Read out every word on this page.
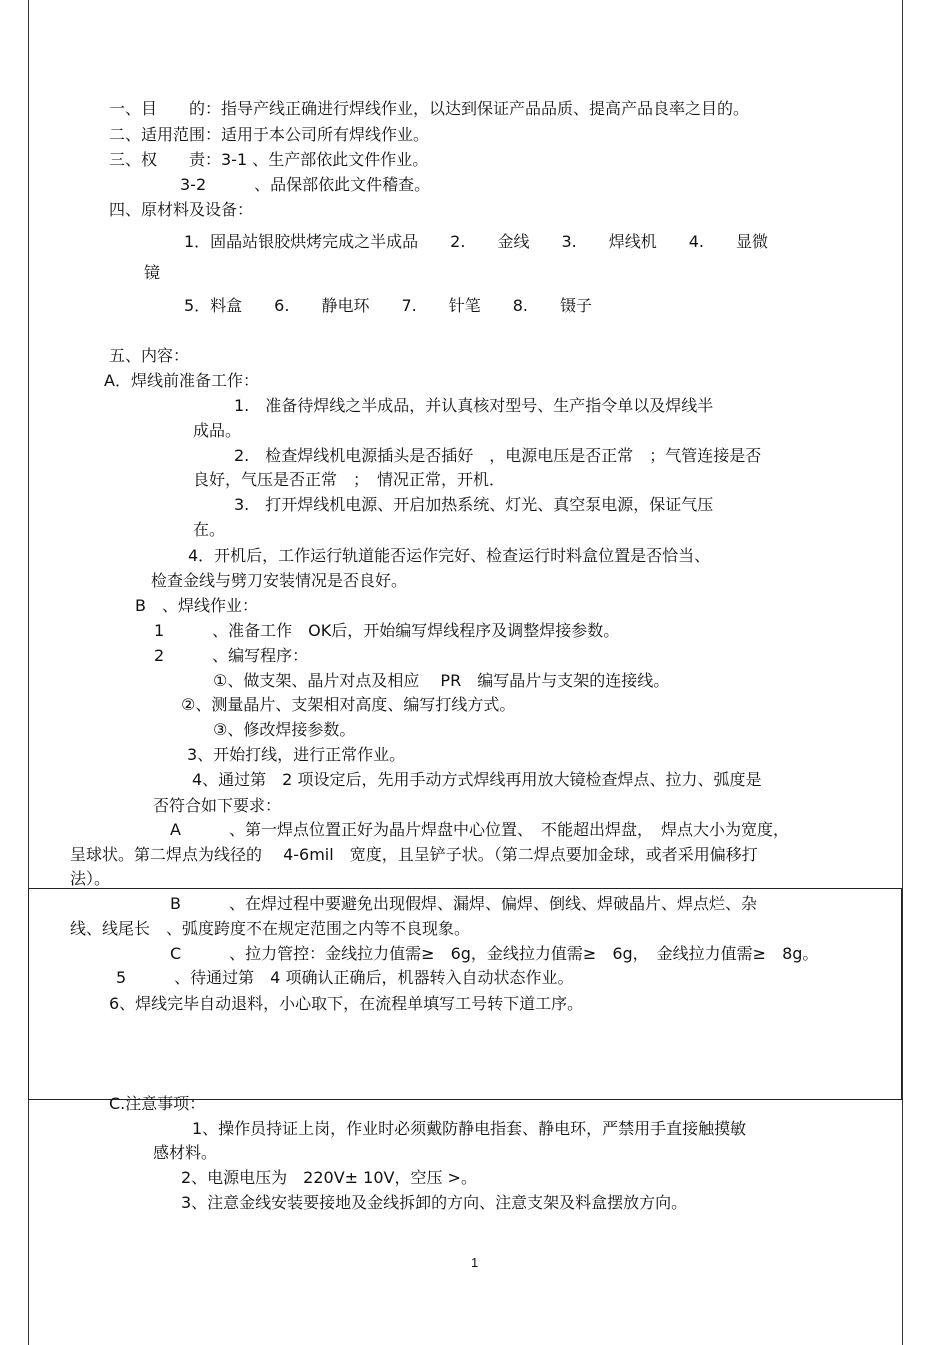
一、目　　的：指导产线正确进行焊线作业，以达到保证产品品质、提高产品良率之目的。
二、适用范围：适用于本公司所有焊线作业。
三、权　　责：3-1 、生产部依此文件作业。
3-2　　　、品保部依此文件稽查。
四、原材料及设备：
1．固晶站银胶烘烤完成之半成品　　2.　　金线　　3.　　焊线机　　4.　　显微
镜
5．料盒　　6.　　静电环　　7.　　针笔　　8.　　镊子
五、内容：
A．焊线前准备工作：
1.　准备待焊线之半成品，并认真核对型号、生产指令单以及焊线半
成品。
2.　检查焊线机电源插头是否插好　，电源电压是否正常　；气管连接是否
良好，气压是否正常　；　情况正常，开机．
3.　打开焊线机电源、开启加热系统、灯光、真空泵电源，保证气压
在。
4．开机后，工作运行轨道能否运作完好、检查运行时料盒位置是否恰当、
检查金线与劈刀安装情况是否良好。
B　、焊线作业：
1　　　、准备工作　OK后，开始编写焊线程序及调整焊接参数。
2　　　、编写程序：
①、做支架、晶片对点及相应　 PR　编写晶片与支架的连接线。
②、测量晶片、支架相对高度、编写打线方式。
③、修改焊接参数。
3、开始打线，进行正常作业。
4、通过第　2 项设定后，先用手动方式焊线再用放大镜检查焊点、拉力、弧度是
否符合如下要求：
A　　　、第一焊点位置正好为晶片焊盘中心位置、　不能超出焊盘，　焊点大小为宽度，
呈球状。第二焊点为线径的　 4-6mil　宽度，且呈铲子状。（第二焊点要加金球，或者采用偏移打
法）。
B　　　、在焊过程中要避免出现假焊、漏焊、偏焊、倒线、焊破晶片、焊点烂、杂
线、线尾长　、弧度跨度不在规定范围之内等不良现象。
C　　　、拉力管控：金线拉力值需≥　6g，金线拉力值需≥　6g，　金线拉力值需≥　8g。
5　　　、待通过第　4 项确认正确后，机器转入自动状态作业。
6、焊线完毕自动退料，小心取下，在流程单填写工号转下道工序。
C.注意事项：
1、操作员持证上岗，作业时必须戴防静电指套、静电环，严禁用手直接触摸敏
感材料。
2、电源电压为　220V± 10V，空压 >。
3、注意金线安装要接地及金线拆卸的方向、注意支架及料盒摆放方向。
1
